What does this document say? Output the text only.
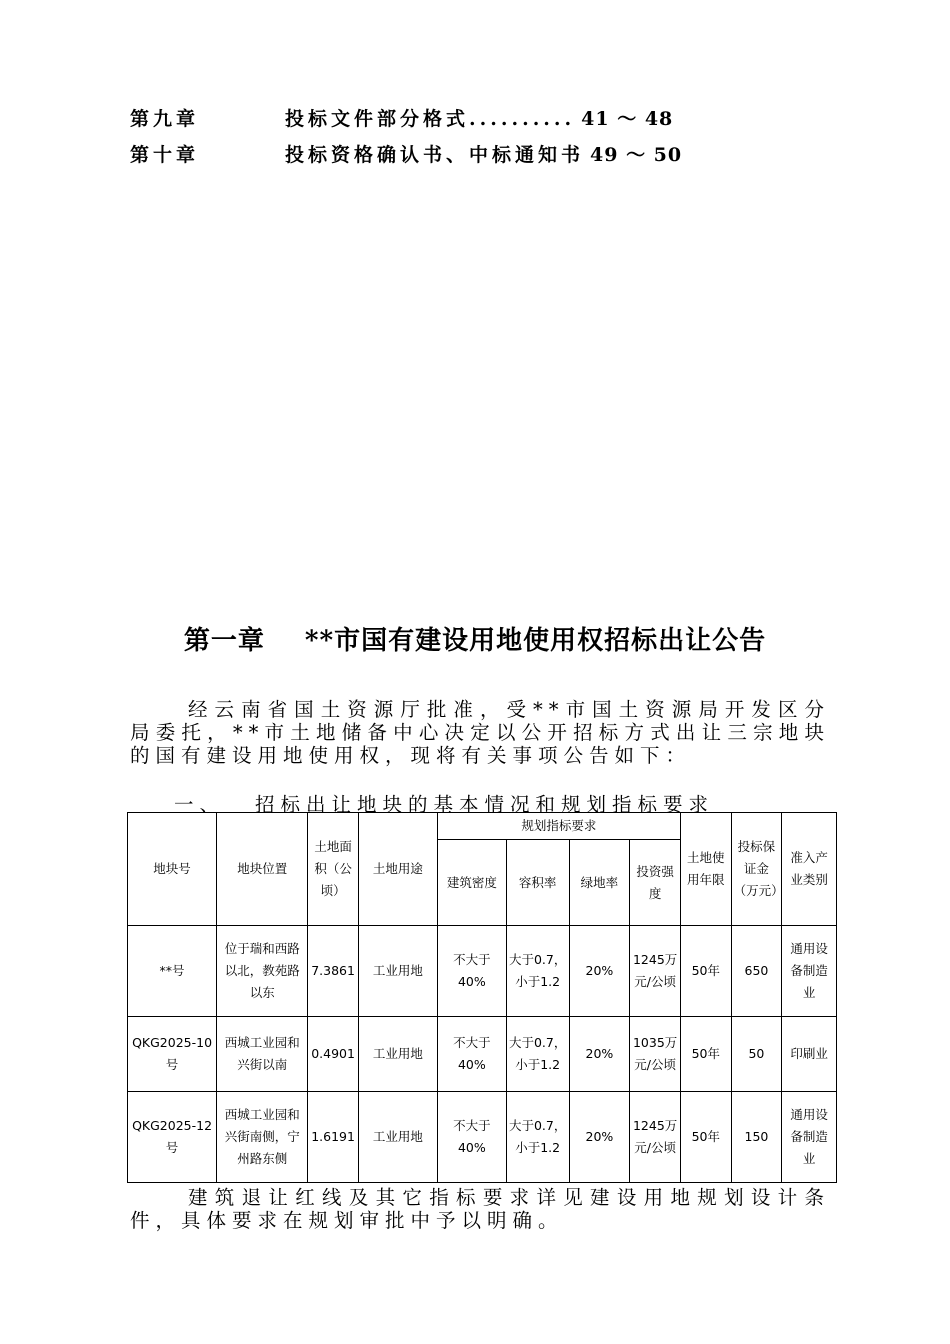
第九章	投标文件部分格式.......... 41 ～ 48
第十章	投标资格确认书、中标通知书 49 ～ 50
第一章 **市国有建设用地使用权招标出让公告
经云南省国土资源厅批准，受**市国土资源局开发区分局委托，**市土地储备中心决定以公开招标方式出让三宗地块的国有建设用地使用权，现将有关事项公告如下：
一、 招标出让地块的基本情况和规划指标要求
地块号	地块位置	土地面积（公顷）	土地用途	规划指标要求				土地使用年限	投标保证金（万元）	准入产业类别
				建筑密度	容积率	绿地率	投资强度			
**号	位于瑞和西路以北，教苑路以东	7.3861	工业用地	不大于40%	大于0.7，小于1.2	20%	1245万元/公顷	50年	650	通用设备制造业
QKG2025-10号	西城工业园和兴街以南	0.4901	工业用地	不大于40%	大于0.7，小于1.2	20%	1035万元/公顷	50年	50	印刷业
QKG2025-12号	西城工业园和兴街南侧，宁州路东侧	1.6191	工业用地	不大于40%	大于0.7，小于1.2	20%	1245万元/公顷	50年	150	通用设备制造业
建筑退让红线及其它指标要求详见建设用地规划设计条件，具体要求在规划审批中予以明确。
